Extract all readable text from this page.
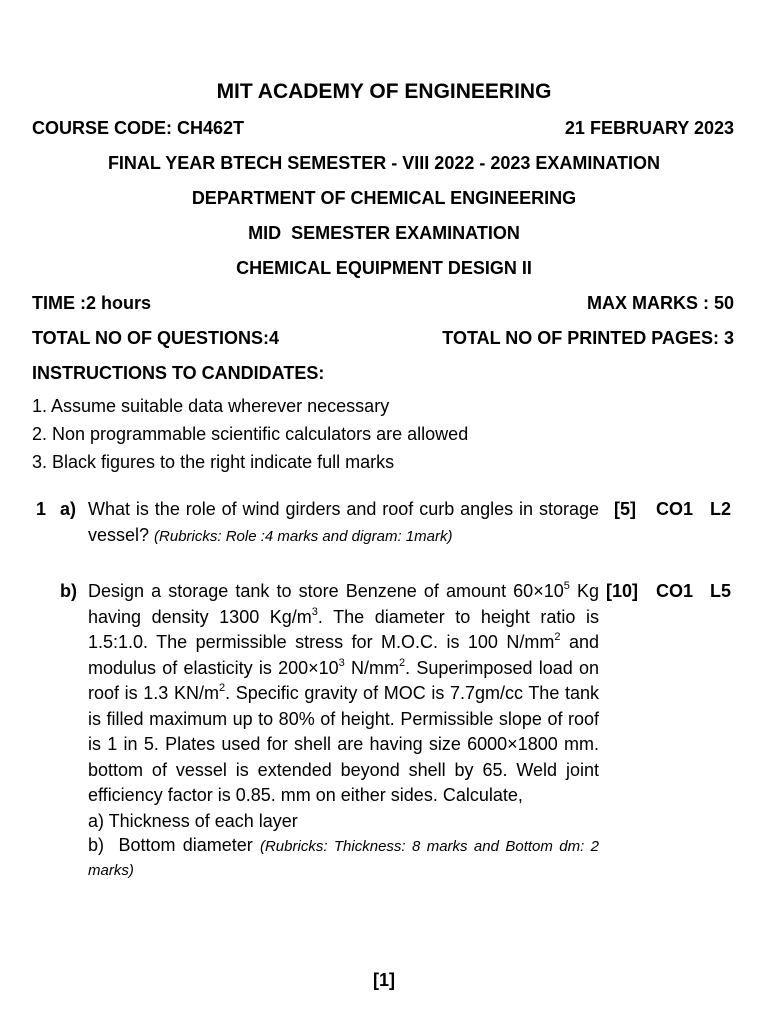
MIT ACADEMY OF ENGINEERING
COURSE CODE: CH462T	21 FEBRUARY 2023
FINAL YEAR BTECH SEMESTER - VIII 2022 - 2023 EXAMINATION
DEPARTMENT OF CHEMICAL ENGINEERING
MID  SEMESTER EXAMINATION
CHEMICAL EQUIPMENT DESIGN II
TIME :2 hours	MAX MARKS : 50
TOTAL NO OF QUESTIONS:4	TOTAL NO OF PRINTED PAGES: 3
INSTRUCTIONS TO CANDIDATES:
1. Assume suitable data wherever necessary
2. Non programmable scientific calculators are allowed
3. Black figures to the right indicate full marks
1 a) What is the role of wind girders and roof curb angles in storage vessel? (Rubricks: Role :4 marks and digram: 1mark)
[5] CO1 L2
b) Design a storage tank to store Benzene of amount $60\times 10^5$ Kg having density 1300 $Kg/m^3$. The diameter to height ratio is 1.5:1.0. The permissible stress for M.O.C. is 100 $N/mm^2$ and modulus of elasticity is $200\times 10^3$ $N/mm^2$. Superimposed load on roof is 1.3 $KN/m^2$. Specific gravity of MOC is 7.7gm/cc The tank is filled maximum up to 80% of height. Permissible slope of roof is 1 in 5. Plates used for shell are having size 6000×1800 mm. bottom of vessel is extended beyond shell by 65. Weld joint efficiency factor is 0.85. mm on either sides. Calculate,
a) Thickness of each layer
b)  Bottom diameter (Rubricks: Thickness: 8 marks and Bottom dm: 2 marks)
[10] CO1 L5
[1]
